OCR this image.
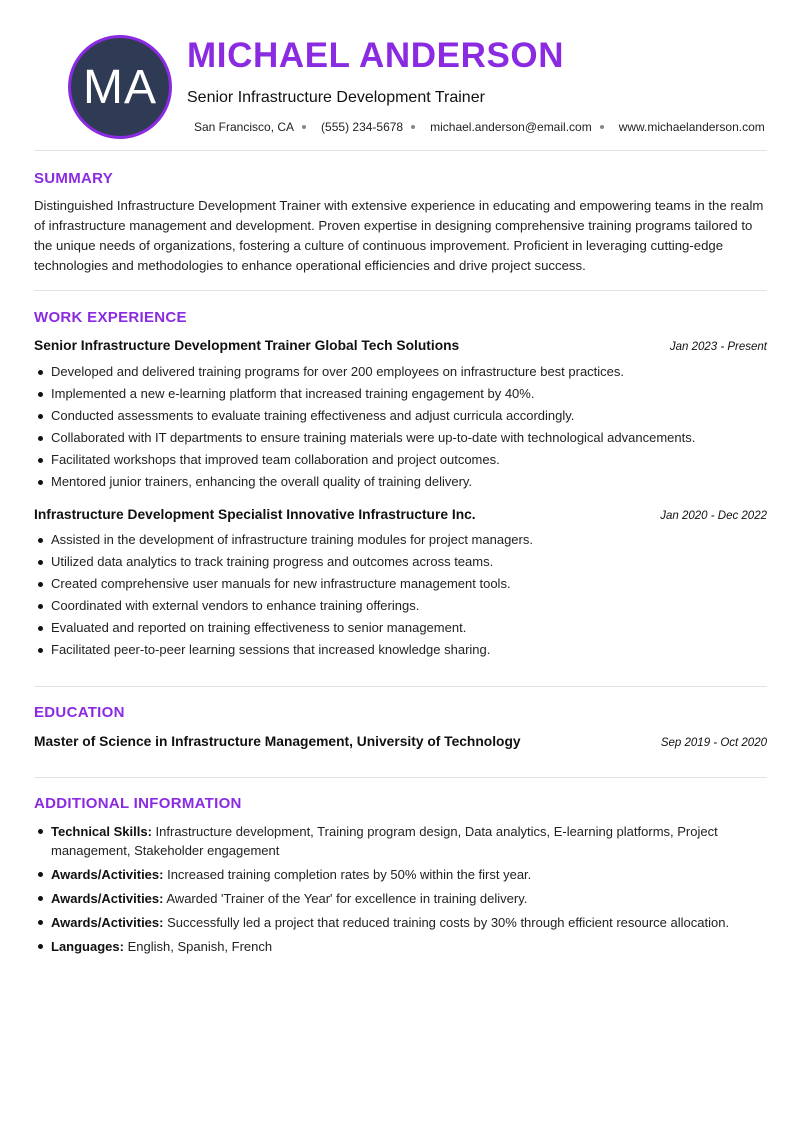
MA
MICHAEL ANDERSON
Senior Infrastructure Development Trainer
San Francisco, CA (555) 234-5678 michael.anderson@email.com www.michaelanderson.com
SUMMARY
Distinguished Infrastructure Development Trainer with extensive experience in educating and empowering teams in the realm of infrastructure management and development. Proven expertise in designing comprehensive training programs tailored to the unique needs of organizations, fostering a culture of continuous improvement. Proficient in leveraging cutting-edge technologies and methodologies to enhance operational efficiencies and drive project success.
WORK EXPERIENCE
Senior Infrastructure Development Trainer Global Tech Solutions	Jan 2023 - Present
Developed and delivered training programs for over 200 employees on infrastructure best practices.
Implemented a new e-learning platform that increased training engagement by 40%.
Conducted assessments to evaluate training effectiveness and adjust curricula accordingly.
Collaborated with IT departments to ensure training materials were up-to-date with technological advancements.
Facilitated workshops that improved team collaboration and project outcomes.
Mentored junior trainers, enhancing the overall quality of training delivery.
Infrastructure Development Specialist Innovative Infrastructure Inc.	Jan 2020 - Dec 2022
Assisted in the development of infrastructure training modules for project managers.
Utilized data analytics to track training progress and outcomes across teams.
Created comprehensive user manuals for new infrastructure management tools.
Coordinated with external vendors to enhance training offerings.
Evaluated and reported on training effectiveness to senior management.
Facilitated peer-to-peer learning sessions that increased knowledge sharing.
EDUCATION
Master of Science in Infrastructure Management, University of Technology	Sep 2019 - Oct 2020
ADDITIONAL INFORMATION
Technical Skills: Infrastructure development, Training program design, Data analytics, E-learning platforms, Project management, Stakeholder engagement
Awards/Activities: Increased training completion rates by 50% within the first year.
Awards/Activities: Awarded 'Trainer of the Year' for excellence in training delivery.
Awards/Activities: Successfully led a project that reduced training costs by 30% through efficient resource allocation.
Languages: English, Spanish, French
